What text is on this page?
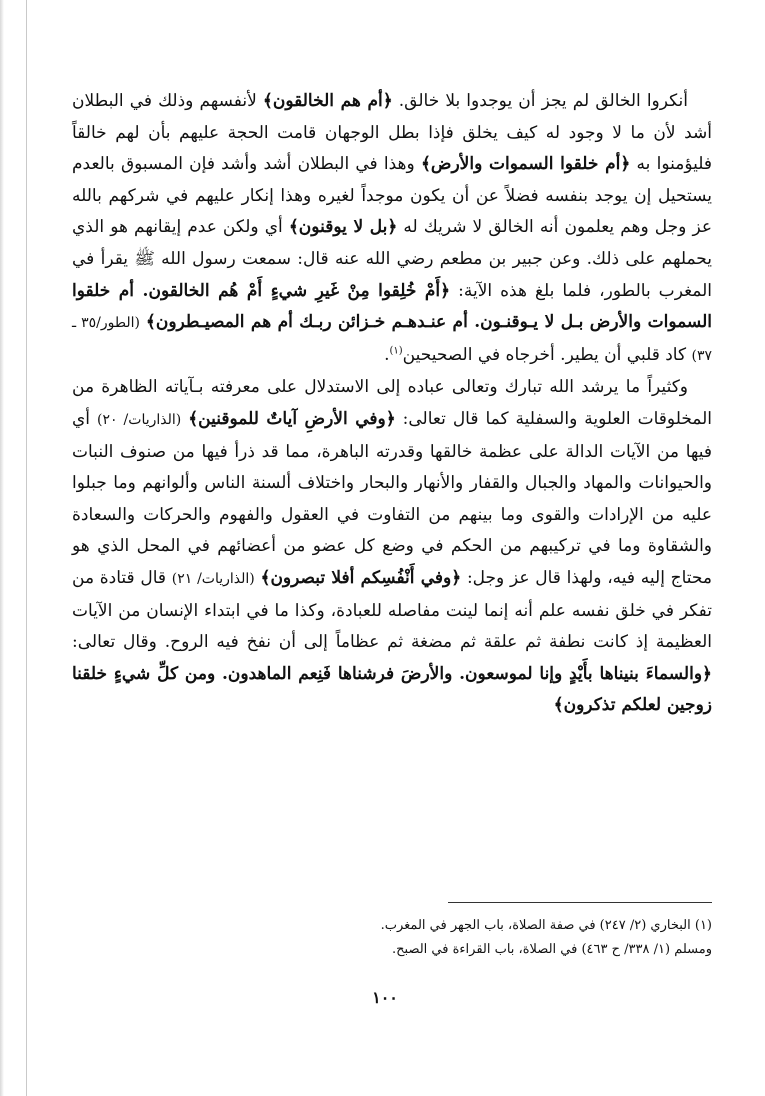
أنكروا الخالق لم يجز أن يوجدوا بلا خالق. ﴿أم هم الخالقون﴾ لأنفسهم وذلك في البطلان أشد لأن ما لا وجود له كيف يخلق فإذا بطل الوجهان قامت الحجة عليهم بأن لهم خالقاً فليؤمنوا به ﴿أم خلقوا السموات والأرض﴾ وهذا في البطلان أشد وأشد فإن المسبوق بالعدم يستحيل إن يوجد بنفسه فضلاً عن أن يكون موجداً لغيره وهذا إنكار عليهم في شركهم بالله عز وجل وهم يعلمون أنه الخالق لا شريك له ﴿بل لا يوقنون﴾ أي ولكن عدم إيقانهم هو الذي يحملهم على ذلك. وعن جبير بن مطعم رضي الله عنه قال: سمعت رسول الله ﷺ يقرأ في المغرب بالطور، فلما بلغ هذه الآية: ﴿أَمْ خُلِقوا مِنْ غَيرِ شيءٍ أَمْ هُم الخالقون. أم خلقوا السموات والأرض بـل لا يـوقنـون. أم عنـدهـم خـزائن ربـك أم هم المصيـطرون﴾ (الطور/٣٥ ـ ٣٧) كاد قلبي أن يطير. أخرجاه في الصحيحين$^{(١)}$.

وكثيراً ما يرشد الله تبارك وتعالى عباده إلى الاستدلال على معرفته بـآياته الظاهرة من المخلوقات العلوية والسفلية كما قال تعالى: ﴿وفي الأرضِ آياتٌ للموقنين﴾ (الذاريات/ ٢٠) أي فيها من الآيات الدالة على عظمة خالقها وقدرته الباهرة، مما قد ذرأ فيها من صنوف النبات والحيوانات والمهاد والجبال والقفار والأنهار والبحار واختلاف ألسنة الناس وألوانهم وما جبلوا عليه من الإرادات والقوى وما بينهم من التفاوت في العقول والفهوم والحركات والسعادة والشقاوة وما في تركيبهم من الحكم في وضع كل عضو من أعضائهم في المحل الذي هو محتاج إليه فيه، ولهذا قال عز وجل: ﴿وفي أَنْفُسِكم أفلا تبصرون﴾ (الذاريات/ ٢١) قال قتادة من تفكر في خلق نفسه علم أنه إنما لينت مفاصله للعبادة، وكذا ما في ابتداء الإنسان من الآيات العظيمة إذ كانت نطفة ثم علقة ثم مضغة ثم عظاماً إلى أن نفخ فيه الروح. وقال تعالى: ﴿والسماءَ بنيناها بأَيْدٍ وإنا لموسعون. والأرضَ فرشناها فَنِعم الماهدون. ومن كلِّ شيءٍ خلقنا زوجين لعلكم تذكرون﴾

(١) البخاري (٢/ ٢٤٧) في صفة الصلاة، باب الجهر في المغرب.

ومسلم (١/ ٣٣٨/ ح ٤٦٣) في الصلاة، باب القراءة في الصبح.

١٠٠
